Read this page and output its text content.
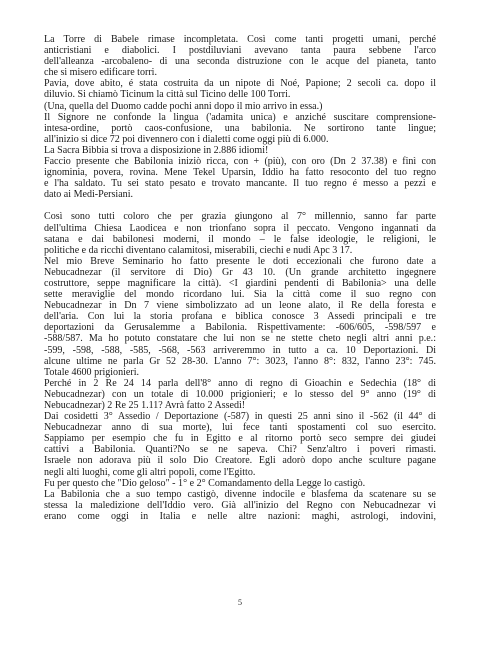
La Torre di Babele rimase incompletata. Così come tanti progetti umani, perché
anticristiani e diabolici. I postdiluviani avevano tanta paura sebbene l'arco
dell'alleanza -arcobaleno- di una seconda distruzione con le acque del pianeta, tanto
che si misero edificare torri.
Pavia, dove abito, é stata costruita da un nipote di Noé, Papione; 2 secoli ca. dopo il
diluvio. Si chiamò Ticinum la città sul Ticino delle 100 Torri.
(Una, quella del Duomo cadde pochi anni dopo il mio arrivo in essa.)
Il Signore ne confonde la lingua ('adamita unica) e anziché suscitare comprensione-
intesa-ordine, portò caos-confusione, una babilonia. Ne sortirono tante lingue;
all'inizio si dice 72 poi divennero con i dialetti come oggi più di 6.000.
La Sacra Bibbia si trova a disposizione in 2.886 idiomi!
Faccio presente che Babilonia iniziò ricca, con + (più), con oro (Dn 2 37.38) e finì con
ignominia, povera, rovina. Mene Tekel Uparsin, Iddio ha fatto resoconto del tuo regno
e l'ha saldato. Tu sei stato pesato e trovato mancante. Il tuo regno é messo a pezzi e
dato ai Medi-Persiani.
Così sono tutti coloro che per grazia giungono al 7° millennio, sanno far parte
dell'ultima Chiesa Laodicea e non trionfano sopra il peccato. Vengono ingannati da
satana e dai babilonesi moderni, il mondo – le false ideologie, le religioni, le
politiche e da ricchi diventano calamitosi, miserabili, ciechi e nudi Apc 3 17.
Nel mio Breve Seminario ho fatto presente le doti eccezionali che furono date a
Nebucadnezar (il servitore di Dio) Gr 43 10. (Un grande architetto ingegnere
costruttore, seppe magnificare la città). <I giardini pendenti di Babilonia> una delle
sette meraviglie del mondo ricordano lui. Sia la città come il suo regno con
Nebucadnezar in Dn 7 viene simbolizzato ad un leone alato, il Re della foresta e
dell'aria. Con lui la storia profana e biblica conosce 3 Assedi principali e tre
deportazioni da Gerusalemme a Babilonia. Rispettivamente: -606/605, -598/597 e
-588/587. Ma ho potuto constatare che lui non se ne stette cheto negli altri anni p.e.:
-599, -598, -588, -585, -568, -563 arriveremmo in tutto a ca. 10 Deportazioni. Di
alcune ultime ne parla Gr 52 28-30. L'anno 7°: 3023, l'anno 8°: 832, l'anno 23°: 745.
Totale 4600 prigionieri.
Perché in 2 Re 24 14 parla dell'8° anno di regno di Gioachin e Sedechia (18° di
Nebucadnezar) con un totale di 10.000 prigionieri; e lo stesso del 9° anno (19° di
Nebucadnezar) 2 Re 25 1.11? Avrà fatto 2 Assedi!
Dai cosidetti 3° Assedio / Deportazione (-587) in questi 25 anni sino il -562 (il 44° di
Nebucadnezar anno di sua morte), lui fece tanti spostamenti col suo esercito.
Sappiamo per esempio che fu in Egitto e al ritorno portò seco sempre dei giudei
cattivi a Babilonia. Quanti?No se ne sapeva. Chi? Senz'altro i poveri rimasti.
Israele non adorava più il solo Dio Creatore. Egli adorò dopo anche sculture pagane
negli alti luoghi, come gli altri popoli, come l'Egitto.
Fu per questo che "Dio geloso" - 1° e 2° Comandamento della Legge lo castigò.
La Babilonia che a suo tempo castigò, divenne indocile e blasfema da scatenare su se
stessa la maledizione dell'Iddio vero. Già all'inizio del Regno con Nebucadnezar vi
erano come oggi in Italia e nelle altre nazioni: maghi, astrologi, indovini,
5
